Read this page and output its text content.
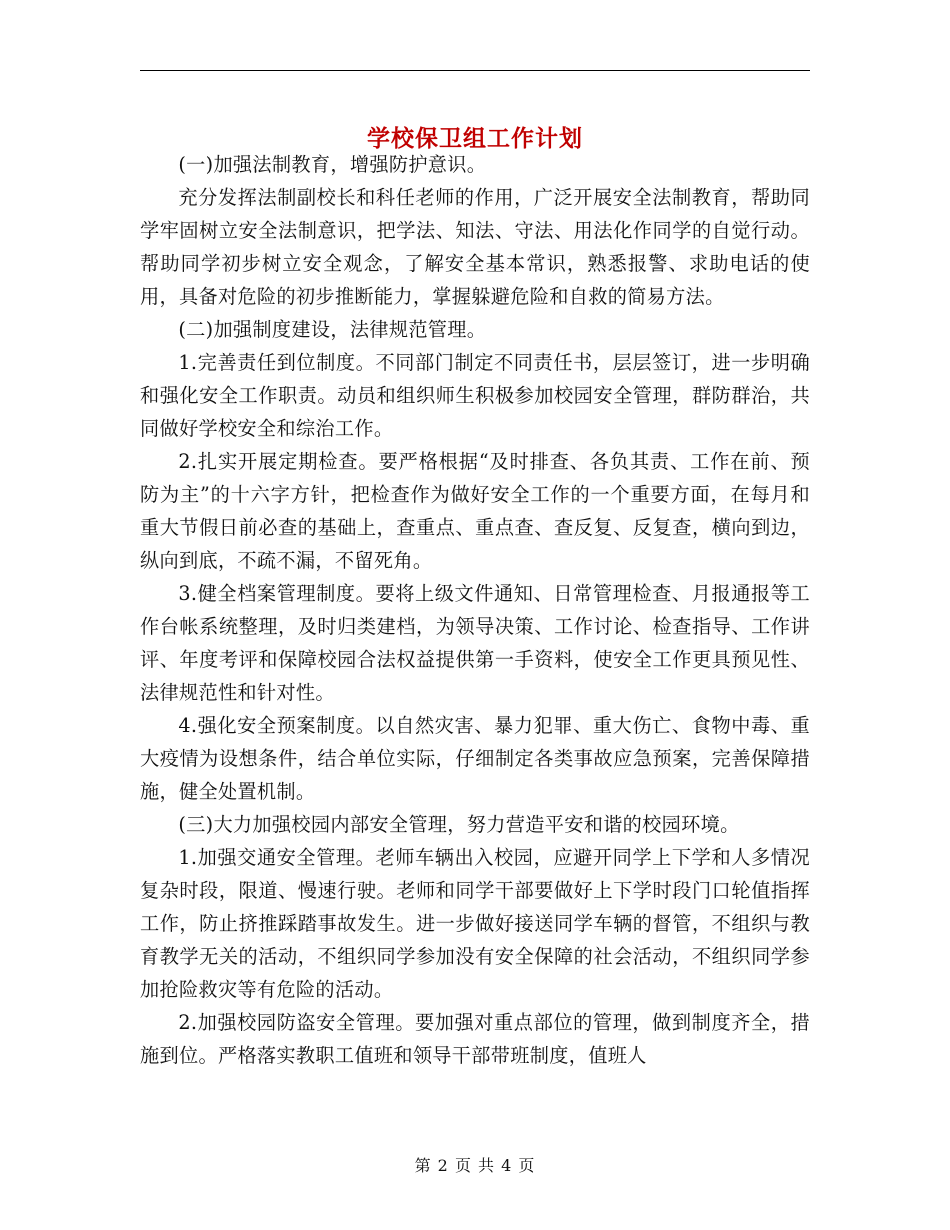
学校保卫组工作计划

(一)加强法制教育，增强防护意识。

充分发挥法制副校长和科任老师的作用，广泛开展安全法制教育，帮助同学牢固树立安全法制意识，把学法、知法、守法、用法化作同学的自觉行动。帮助同学初步树立安全观念，了解安全基本常识，熟悉报警、求助电话的使用，具备对危险的初步推断能力，掌握躲避危险和自救的简易方法。

(二)加强制度建设，法律规范管理。

1.完善责任到位制度。不同部门制定不同责任书，层层签订，进一步明确和强化安全工作职责。动员和组织师生积极参加校园安全管理，群防群治，共同做好学校安全和综治工作。

2.扎实开展定期检查。要严格根据“及时排查、各负其责、工作在前、预防为主”的十六字方针，把检查作为做好安全工作的一个重要方面，在每月和重大节假日前必查的基础上，查重点、重点查、查反复、反复查，横向到边，纵向到底，不疏不漏，不留死角。

3.健全档案管理制度。要将上级文件通知、日常管理检查、月报通报等工作台帐系统整理，及时归类建档，为领导决策、工作讨论、检查指导、工作讲评、年度考评和保障校园合法权益提供第一手资料，使安全工作更具预见性、法律规范性和针对性。

4.强化安全预案制度。以自然灾害、暴力犯罪、重大伤亡、食物中毒、重大疫情为设想条件，结合单位实际，仔细制定各类事故应急预案，完善保障措施，健全处置机制。

(三)大力加强校园内部安全管理，努力营造平安和谐的校园环境。

1.加强交通安全管理。老师车辆出入校园，应避开同学上下学和人多情况复杂时段，限道、慢速行驶。老师和同学干部要做好上下学时段门口轮值指挥工作，防止挤推踩踏事故发生。进一步做好接送同学车辆的督管，不组织与教育教学无关的活动，不组织同学参加没有安全保障的社会活动，不组织同学参加抢险救灾等有危险的活动。

2.加强校园防盗安全管理。要加强对重点部位的管理，做到制度齐全，措施到位。严格落实教职工值班和领导干部带班制度，值班人

第 2 页 共 4 页
